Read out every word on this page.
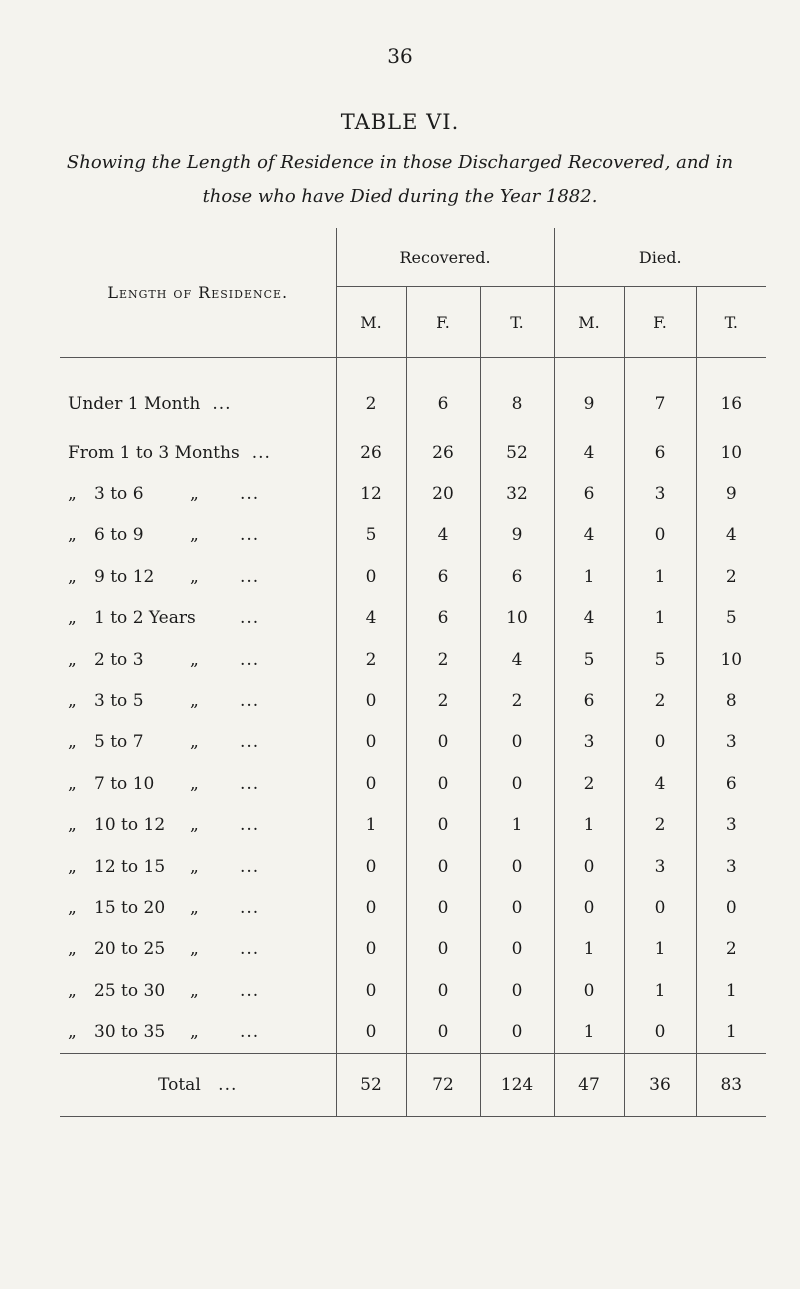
36
TABLE VI.
Showing the Length of Residence in those Discharged Recovered, and in those who have Died during the Year 1882.
Length of Residence.	Recovered.			Died.		
	M.	F.	T.	M.	F.	T.
Under 1 Month ...	2	6	8	9	7	16
From 1 to 3 Months ...	26	26	52	4	6	10
„ 3 to 6 „ ...	12	20	32	6	3	9
„ 6 to 9 „ ...	5	4	9	4	0	4
„ 9 to 12 „ ...	0	6	6	1	1	2
„ 1 to 2 Years ...	4	6	10	4	1	5
„ 2 to 3 „ ...	2	2	4	5	5	10
„ 3 to 5 „ ...	0	2	2	6	2	8
„ 5 to 7 „ ...	0	0	0	3	0	3
„ 7 to 10 „ ...	0	0	0	2	4	6
„ 10 to 12 „ ...	1	0	1	1	2	3
„ 12 to 15 „ ...	0	0	0	0	3	3
„ 15 to 20 „ ...	0	0	0	0	0	0
„ 20 to 25 „ ...	0	0	0	1	1	2
„ 25 to 30 „ ...	0	0	0	0	1	1
„ 30 to 35 „ ...	0	0	0	1	0	1
Total ...	52	72	124	47	36	83
